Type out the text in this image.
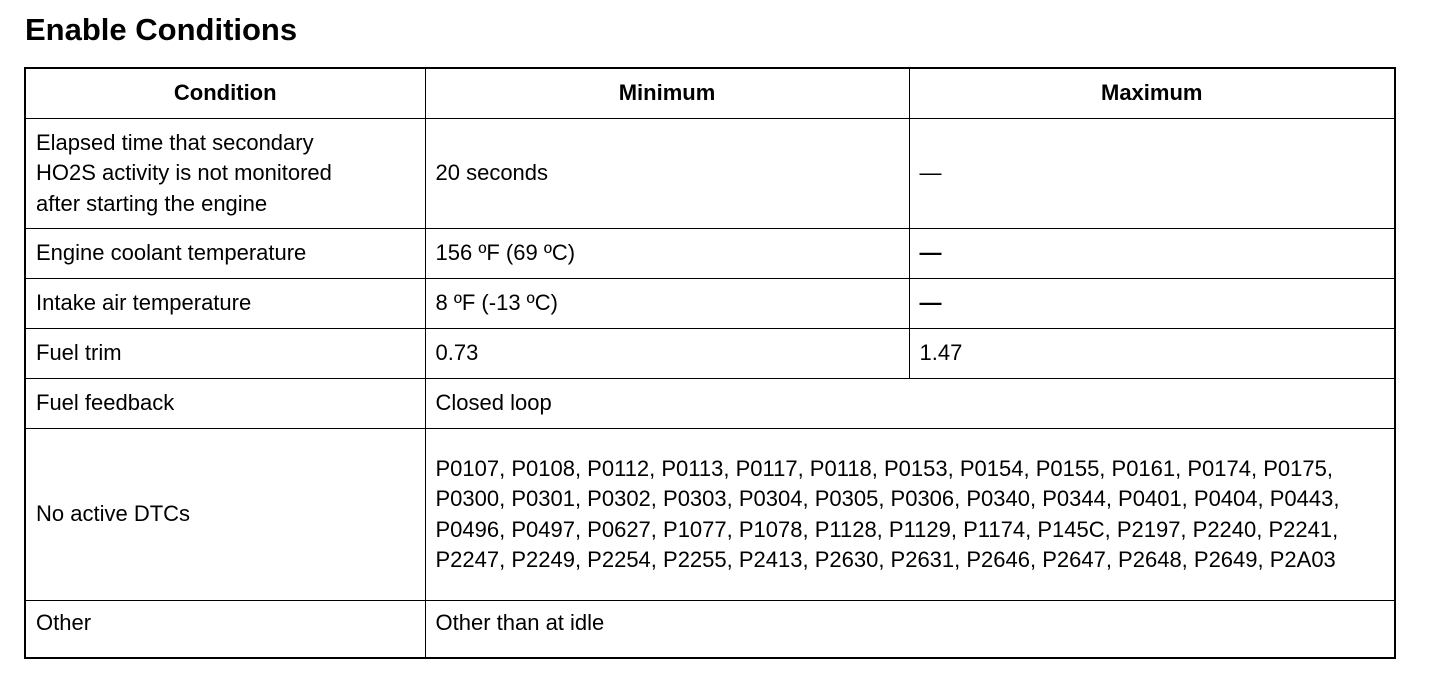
Enable Conditions
Condition	Minimum	Maximum

Elapsed time that secondary HO2S activity is not monitored after starting the engine	20 seconds	—
Engine coolant temperature	156 ºF (69 ºC)	—
Intake air temperature	8 ºF (-13 ºC)	—
Fuel trim	0.73	1.47
Fuel feedback	Closed loop	
No active DTCs	P0107, P0108, P0112, P0113, P0117, P0118, P0153, P0154, P0155, P0161, P0174, P0175, P0300, P0301, P0302, P0303, P0304, P0305, P0306, P0340, P0344, P0401, P0404, P0443, P0496, P0497, P0627, P1077, P1078, P1128, P1129, P1174, P145C, P2197, P2240, P2241, P2247, P2249, P2254, P2255, P2413, P2630, P2631, P2646, P2647, P2648, P2649, P2A03	
Other	Other than at idle	
